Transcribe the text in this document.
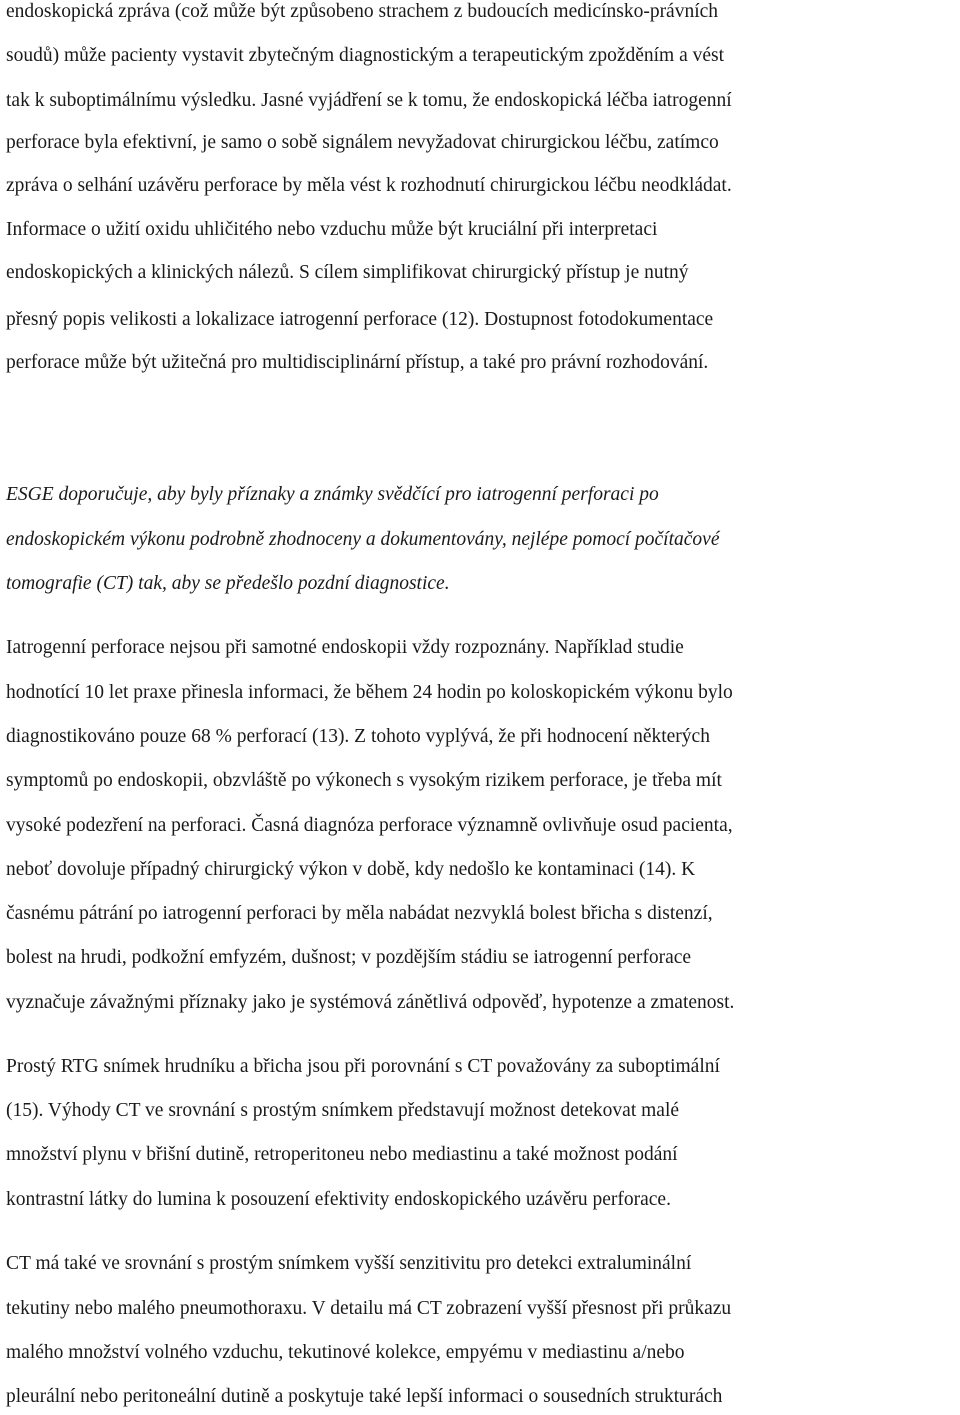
endoskopická zpráva (což může být způsobeno strachem z budoucích medicínsko-právních
soudů) může pacienty vystavit zbytečným diagnostickým a terapeutickým zpožděním a vést
tak k suboptimálnímu výsledku. Jasné vyjádření se k tomu, že endoskopická léčba iatrogenní
perforace byla efektivní, je samo o sobě signálem nevyžadovat chirurgickou léčbu, zatímco
zpráva o selhání uzávěru perforace by měla vést k rozhodnutí chirurgickou léčbu neodkládat.
Informace o užití oxidu uhličitého nebo vzduchu může být kruciální při interpretaci
endoskopických a klinických nálezů. S cílem simplifikovat chirurgický přístup je nutný
přesný popis velikosti a lokalizace iatrogenní perforace (12). Dostupnost fotodokumentace
perforace může být užitečná pro multidisciplinární přístup, a také pro právní rozhodování.
ESGE doporučuje, aby byly příznaky a známky svědčící pro iatrogenní perforaci po
endoskopickém výkonu podrobně zhodnoceny a dokumentovány, nejlépe pomocí počítačové
tomografie (CT) tak, aby se předešlo pozdní diagnostice.
Iatrogenní perforace nejsou při samotné endoskopii vždy rozpoznány. Například studie
hodnotící 10 let praxe přinesla informaci, že během 24 hodin po koloskopickém výkonu bylo
diagnostikováno pouze 68 % perforací (13). Z tohoto vyplývá, že při hodnocení některých
symptomů po endoskopii, obzvláště po výkonech s vysokým rizikem perforace, je třeba mít
vysoké podezření na perforaci. Časná diagnóza perforace významně ovlivňuje osud pacienta,
neboť dovoluje případný chirurgický výkon v době, kdy nedošlo ke kontaminaci (14). K
časnému pátrání po iatrogenní perforaci by měla nabádat nezvyklá bolest břicha s distenzí,
bolest na hrudi, podkožní emfyzém, dušnost; v pozdějším stádiu se iatrogenní perforace
vyznačuje závažnými příznaky jako je systémová zánětlivá odpověď, hypotenze a zmatenost.
Prostý RTG snímek hrudníku a břicha jsou při porovnání s CT považovány za suboptimální
(15). Výhody CT ve srovnání s prostým snímkem představují možnost detekovat malé
množství plynu v břišní dutině, retroperitoneu nebo mediastinu a také možnost podání
kontrastní látky do lumina k posouzení efektivity endoskopického uzávěru perforace.
CT má také ve srovnání s prostým snímkem vyšší senzitivitu pro detekci extraluminální
tekutiny nebo malého pneumothoraxu. V detailu má CT zobrazení vyšší přesnost při průkazu
malého množství volného vzduchu, tekutinové kolekce, empyému v mediastinu a/nebo
pleurální nebo peritoneální dutině a poskytuje také lepší informaci o sousedních strukturách
